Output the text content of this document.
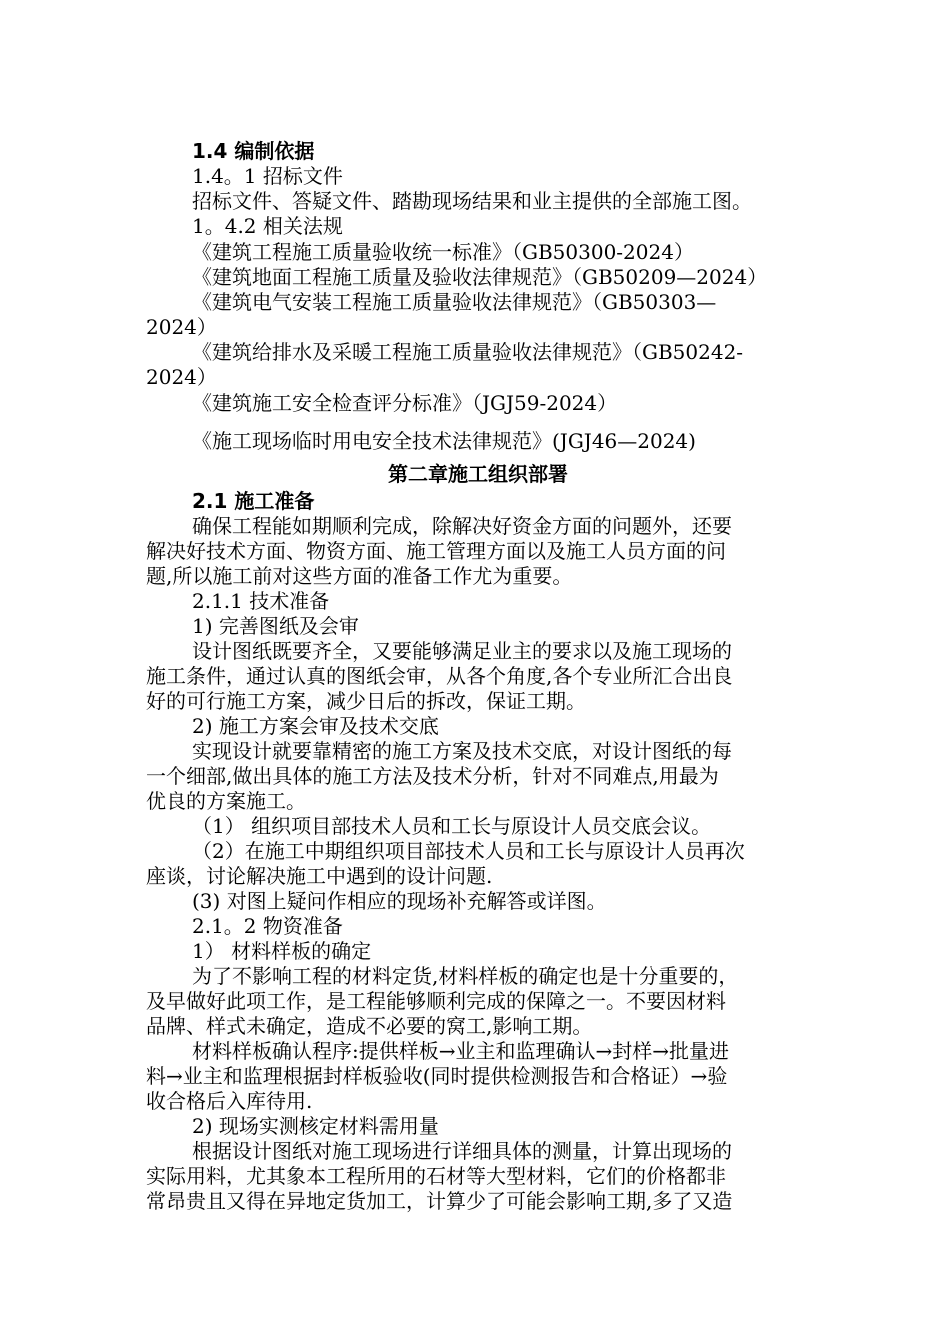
1.4 编制依据
1.4。1 招标文件
招标文件、答疑文件、踏勘现场结果和业主提供的全部施工图。
1。4.2 相关法规
《建筑工程施工质量验收统一标准》（GB50300-2024）
《建筑地面工程施工质量及验收法律规范》（GB50209—2024）
《建筑电气安装工程施工质量验收法律规范》（GB50303—
2024）
《建筑给排水及采暖工程施工质量验收法律规范》（GB50242-
2024）
《建筑施工安全检查评分标准》（JGJ59-2024）
《施工现场临时用电安全技术法律规范》(JGJ46—2024)
第二章施工组织部署
2.1 施工准备
确保工程能如期顺利完成，除解决好资金方面的问题外，还要
解决好技术方面、物资方面、施工管理方面以及施工人员方面的问
题,所以施工前对这些方面的准备工作尤为重要。
2.1.1 技术准备
1) 完善图纸及会审
设计图纸既要齐全，又要能够满足业主的要求以及施工现场的
施工条件，通过认真的图纸会审，从各个角度,各个专业所汇合出良
好的可行施工方案，减少日后的拆改，保证工期。
2) 施工方案会审及技术交底
实现设计就要靠精密的施工方案及技术交底，对设计图纸的每
一个细部,做出具体的施工方法及技术分析，针对不同难点,用最为
优良的方案施工。
（1） 组织项目部技术人员和工长与原设计人员交底会议。
（2）在施工中期组织项目部技术人员和工长与原设计人员再次
座谈，讨论解决施工中遇到的设计问题.
(3) 对图上疑问作相应的现场补充解答或详图。
2.1。2 物资准备
1） 材料样板的确定
为了不影响工程的材料定货,材料样板的确定也是十分重要的，
及早做好此项工作，是工程能够顺利完成的保障之一。不要因材料
品牌、样式未确定，造成不必要的窝工,影响工期。
材料样板确认程序:提供样板→业主和监理确认→封样→批量进
料→业主和监理根据封样板验收(同时提供检测报告和合格证）→验
收合格后入库待用.
2) 现场实测核定材料需用量
根据设计图纸对施工现场进行详细具体的测量，计算出现场的
实际用料，尤其象本工程所用的石材等大型材料，它们的价格都非
常昂贵且又得在异地定货加工，计算少了可能会影响工期,多了又造
